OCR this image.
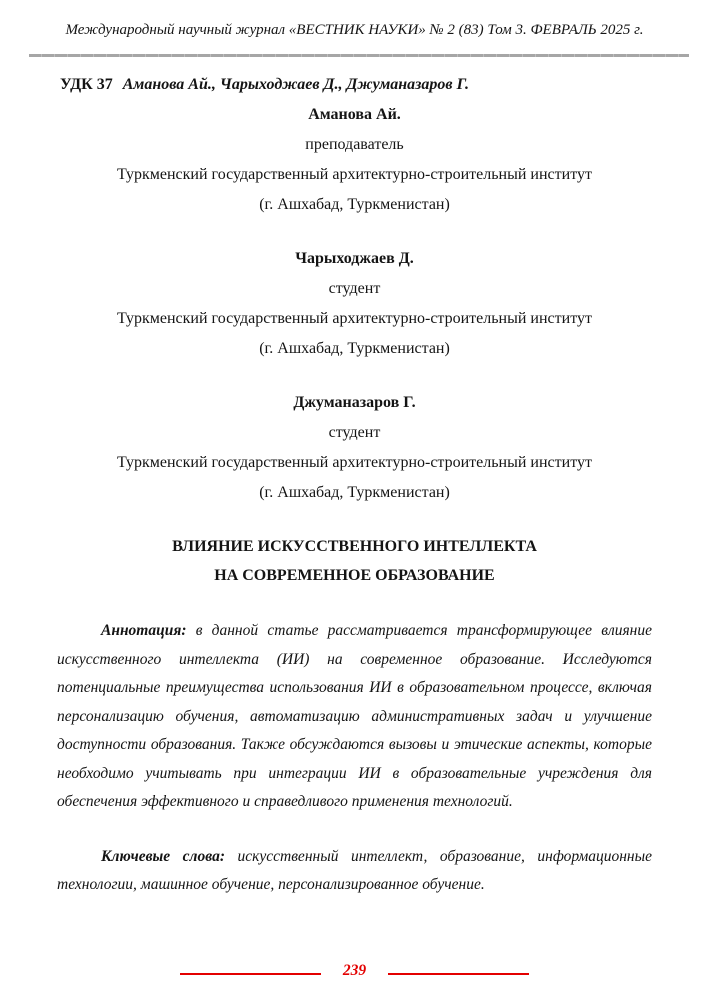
Международный научный журнал «ВЕСТНИК НАУКИ» № 2 (83) Том 3. ФЕВРАЛЬ 2025 г.
УДК 37 Аманова Ай., Чарыходжаев Д., Джуманазаров Г.
Аманова Ай.
преподаватель
Туркменский государственный архитектурно-строительный институт
(г. Ашхабад, Туркменистан)
Чарыходжаев Д.
студент
Туркменский государственный архитектурно-строительный институт
(г. Ашхабад, Туркменистан)
Джуманазаров Г.
студент
Туркменский государственный архитектурно-строительный институт
(г. Ашхабад, Туркменистан)
ВЛИЯНИЕ ИСКУССТВЕННОГО ИНТЕЛЛЕКТА
НА СОВРЕМЕННОЕ ОБРАЗОВАНИЕ

Аннотация: в данной статье рассматривается трансформирующее влияние искусственного интеллекта (ИИ) на современное образование. Исследуются потенциальные преимущества использования ИИ в образовательном процессе, включая персонализацию обучения, автоматизацию административных задач и улучшение доступности образования. Также обсуждаются вызовы и этические аспекты, которые необходимо учитывать при интеграции ИИ в образовательные учреждения для обеспечения эффективного и справедливого применения технологий.

Ключевые слова: искусственный интеллект, образование, информационные технологии, машинное обучение, персонализированное обучение.

239
